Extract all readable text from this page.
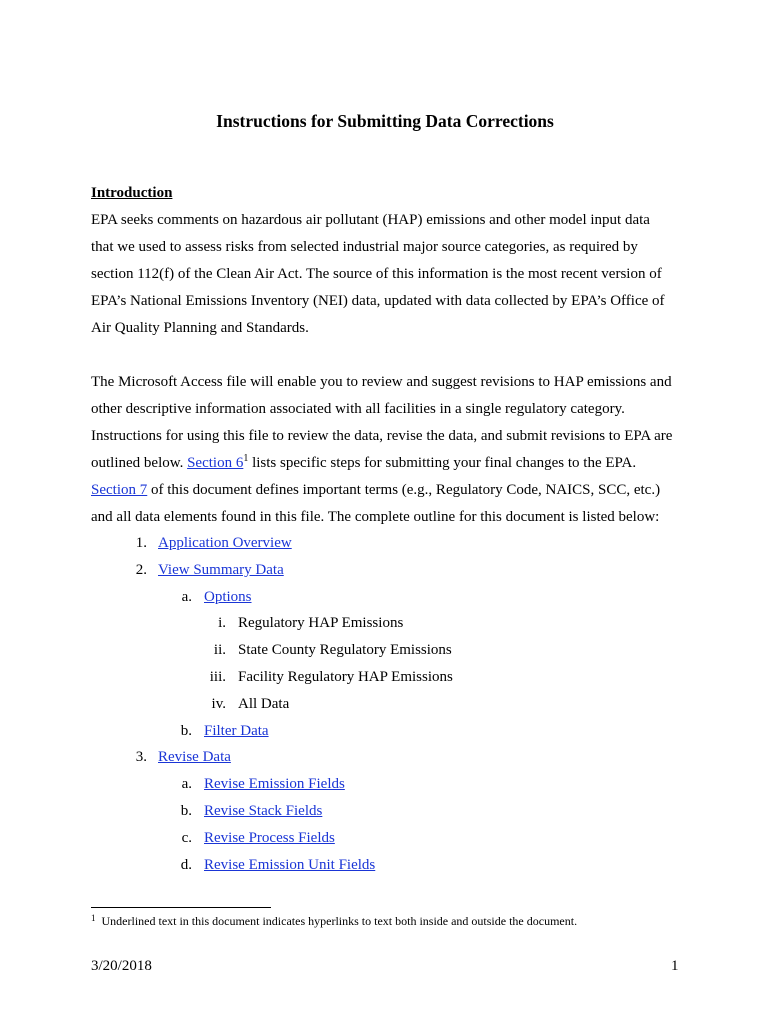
Instructions for Submitting Data Corrections
Introduction
EPA seeks comments on hazardous air pollutant (HAP) emissions and other model input data
that we used to assess risks from selected industrial major source categories, as required by
section 112(f) of the Clean Air Act. The source of this information is the most recent version of
EPA’s National Emissions Inventory (NEI) data, updated with data collected by EPA’s Office of
Air Quality Planning and Standards.
The Microsoft Access file will enable you to review and suggest revisions to HAP emissions and
other descriptive information associated with all facilities in a single regulatory category.
Instructions for using this file to review the data, revise the data, and submit revisions to EPA are
outlined below. Section $6^1$ lists specific steps for submitting your final changes to the EPA.
Section 7 of this document defines important terms (e.g., Regulatory Code, NAICS, SCC, etc.)
and all data elements found in this file. The complete outline for this document is listed below:
1. Application Overview
2. View Summary Data
a. Options
i. Regulatory HAP Emissions
ii. State County Regulatory Emissions
iii. Facility Regulatory HAP Emissions
iv. All Data
b. Filter Data
3. Revise Data
a. Revise Emission Fields
b. Revise Stack Fields
c. Revise Process Fields
d. Revise Emission Unit Fields
$^1$ Underlined text in this document indicates hyperlinks to text both inside and outside the document.
3/20/2018	1
